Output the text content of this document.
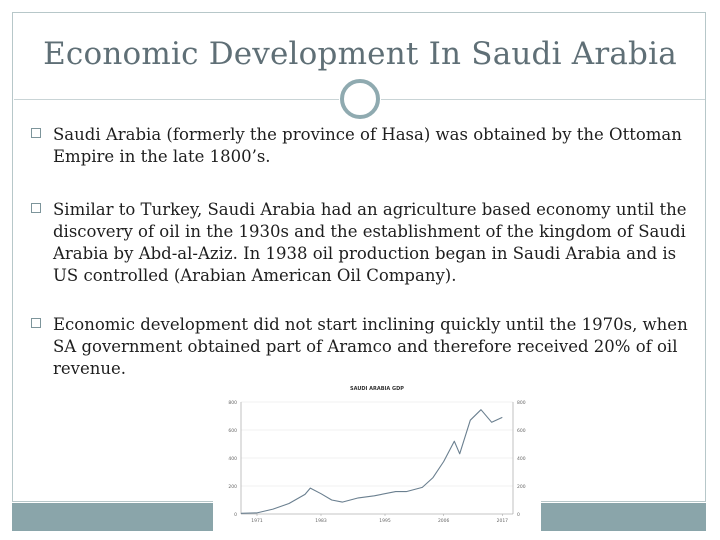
Economic Development In Saudi Arabia
Saudi Arabia (formerly the province of Hasa) was obtained by the Ottoman Empire in the late 1800’s.
Similar to Turkey, Saudi Arabia had an agriculture based economy until the discovery of oil in the 1930s and the establishment of the kingdom of Saudi Arabia by Abd-al-Aziz. In 1938 oil production began in Saudi Arabia and is US controlled (Arabian American Oil Company).
Economic development did not start inclining quickly until the 1970s, when SA government obtained part of Aramco and therefore received 20% of oil revenue.
SAUDI ARABIA GDP
0	0
200	200
400	400
600	600
800	800
1971	1983	1995	2006	2017
